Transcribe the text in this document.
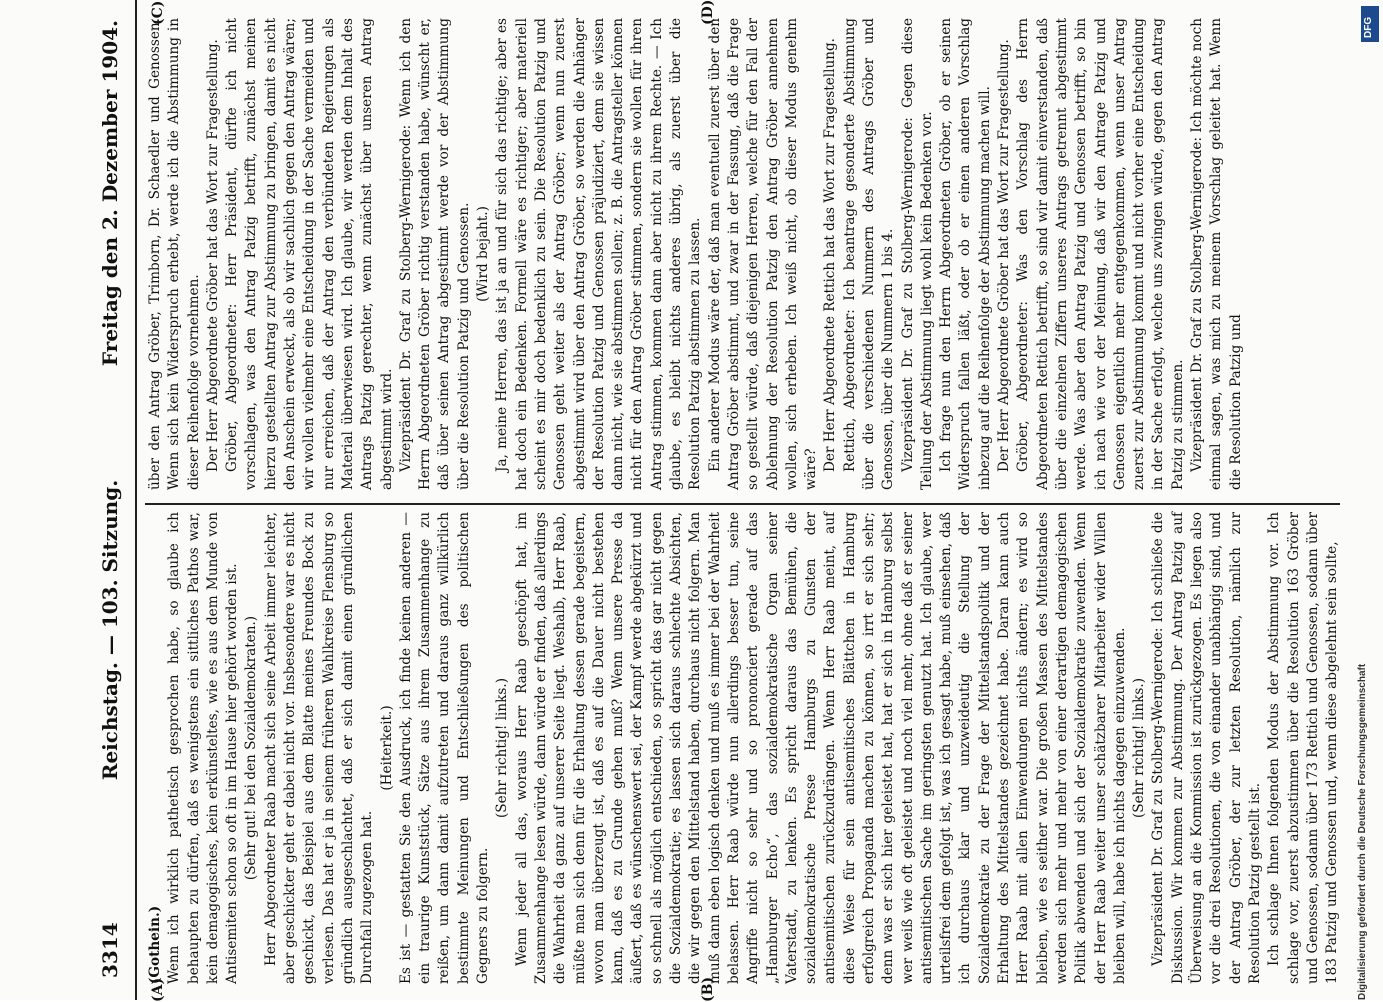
3314
Reichstag. — 103. Sitzung.
Freitag den 2. Dezember 1904.
(A)	(B)
(C)	(D)

(Gothein.) Wenn ich wirklich pathetisch gesprochen habe, so glaube ich behaupten zu dürfen, daß es wenigstens ein sittliches Pathos war, kein demagogisches, kein erkünsteltes, wie es aus dem Munde von Antisemiten schon so oft in im Hause hier gehört worden ist. (Sehr gut! bei den Sozialdemokraten.) Herr Abgeordneter Raab macht sich seine Arbeit immer leichter, aber geschickter geht er dabei nicht vor. Insbesondere war es nicht geschickt, das Beispiel aus dem Blatte meines Freundes Bock zu verlesen. Das hat er ja in seinem früheren Wahlkreise Flensburg so gründlich ausgeschlachtet, daß er sich damit einen gründlichen Durchfall zugezogen hat.

(Heiterkeit.) Es ist — gestatten Sie den Ausdruck, ich finde keinen anderen — ein traurige Kunststück, Sätze aus ihrem Zusammenhange zu reißen, um dann damit aufzutreten und daraus ganz willkürlich bestimmte Meinungen und Entschließungen des politischen Gegners zu folgern.

(Sehr richtig! links.) Wenn jeder all das, woraus Herr Raab geschöpft hat, im Zusammenhange lesen würde, dann würde er finden, daß allerdings die Wahrheit da ganz auf unserer Seite liegt. Weshalb, Herr Raab, müßte man sich denn für die Erhaltung dessen gerade begeistern, wovon man überzeugt ist, daß es auf die Dauer nicht bestehen kann, daß es zu Grunde gehen muß? Wenn unsere Presse da äußert, daß es wünschenswert sei, der Kampf werde abgekürzt und so schnell als möglich entschieden, so spricht das gar nicht gegen die Sozialdemokratie; es lassen sich daraus schlechte Absichten, die wir gegen den Mittelstand haben, durchaus nicht folgern. Man muß dann eben logisch denken und muß es immer bei der Wahrheit belassen. Herr Raab würde nun allerdings besser tun, seine Angriffe nicht so sehr und so prononciert gerade auf das „Hamburger Echo“, das sozialdemokratische Organ seiner Vaterstadt, zu lenken. Es spricht daraus das Bemühen, die sozialdemokratische Presse Hamburgs zu Gunsten der antisemitischen zurückzudrängen. Wenn Herr Raab meint, auf diese Weise für sein antisemitisches Blättchen in Hamburg erfolgreich Propaganda machen zu können, so irrt er sich sehr; denn was er sich hier geleistet hat, hat er sich in Hamburg selbst wer weiß wie oft geleistet und noch viel mehr, ohne daß er seiner antisemitischen Sache im geringsten genutzt hat. Ich glaube, wer urteilsfrei dem gefolgt ist, was ich gesagt habe, muß einsehen, daß ich durchaus klar und unzweideutig die Stellung der Sozialdemokratie zu der Frage der Mittelstandspolitik und der Erhaltung des Mittelstandes gezeichnet habe. Daran kann auch Herr Raab mit allen Einwendungen nichts ändern; es wird so bleiben, wie es seither war. Die großen Massen des Mittelstandes werden sich mehr und mehr von einer derartigen demagogischen Politik abwenden und sich der Sozialdemokratie zuwenden. Wenn der Herr Raab weiter unser schätzbarer Mitarbeiter wider Willen bleiben will, habe ich nichts dagegen einzuwenden. (Sehr richtig! links.) Vizepräsident Dr. Graf zu Stolberg-Wernigerode: Ich schließe die Diskussion. Wir kommen zur Abstimmung. Der Antrag Patzig auf Überweisung an die Kommission ist zurückgezogen. Es liegen also vor die drei Resolutionen, die von einander unabhängig sind, und der Antrag Gröber, der zur letzten Resolution, nämlich zur Resolution Patzig gestellt ist. Ich schlage Ihnen folgenden Modus der Abstimmung vor. Ich schlage vor, zuerst abzustimmen über die Resolution 163 Gröber und Genossen, sodann über 173 Rettich und Genossen, sodann über 183 Patzig und Genossen und, wenn diese abgelehnt sein sollte,

über den Antrag Gröber, Trimborn, Dr. Schaedler und Genossen. Wenn sich kein Widerspruch erhebt, werde ich die Abstimmung in dieser Reihenfolge vornehmen. Der Herr Abgeordnete Gröber hat das Wort zur Fragestellung. Gröber, Abgeordneter: Herr Präsident, dürfte ich nicht vorschlagen, was den Antrag Patzig betrifft, zunächst meinen hierzu gestellten Antrag zur Abstimmung zu bringen, damit es nicht den Anschein erweckt, als ob wir sachlich gegen den Antrag wären; wir wollen vielmehr eine Entscheidung in der Sache vermeiden und nur erreichen, daß der Antrag den verbündeten Regierungen als Material überwiesen wird. Ich glaube, wir werden dem Inhalt des Antrags Patzig gerechter, wenn zunächst über unseren Antrag abgestimmt wird. Vizepräsident Dr. Graf zu Stolberg-Wernigerode: Wenn ich den Herrn Abgeordneten Gröber richtig verstanden habe, wünscht er, daß über seinen Antrag abgestimmt werde vor der Abstimmung über die Resolution Patzig und Genossen. (Wird bejaht.) Ja, meine Herren, das ist ja an und für sich das richtige; aber es hat doch ein Bedenken. Formell wäre es richtiger; aber materiell scheint es mir doch bedenklich zu sein. Die Resolution Patzig und Genossen geht weiter als der Antrag Gröber; wenn nun zuerst abgestimmt wird über den Antrag Gröber, so werden die Anhänger der Resolution Patzig und Genossen präjudiziert, denn sie wissen dann nicht, wie sie abstimmen sollen; z. B. die Antragsteller können nicht für den Antrag Gröber stimmen, sondern sie wollen für ihren Antrag stimmen, kommen dann aber nicht zu ihrem Rechte. — Ich glaube, es bleibt nichts anderes übrig, als zuerst über die Resolution Patzig abstimmen zu lassen. Ein anderer Modus wäre der, daß man eventuell zuerst über den Antrag Gröber abstimmt, und zwar in der Fassung, daß die Frage so gestellt würde, daß diejenigen Herren, welche für den Fall der Ablehnung der Resolution Patzig den Antrag Gröber annehmen wollen, sich erheben. Ich weiß nicht, ob dieser Modus genehm wäre? Der Herr Abgeordnete Rettich hat das Wort zur Fragestellung. Rettich, Abgeordneter: Ich beantrage gesonderte Abstimmung über die verschiedenen Nummern des Antrags Gröber und Genossen, über die Nummern 1 bis 4. Vizepräsident Dr. Graf zu Stolberg-Wernigerode: Gegen diese Teilung der Abstimmung liegt wohl kein Bedenken vor. Ich frage nun den Herrn Abgeordneten Gröber, ob er seinen Widerspruch fallen läßt, oder ob er einen anderen Vorschlag inbezug auf die Reihenfolge der Abstimmung machen will. Der Herr Abgeordnete Gröber hat das Wort zur Fragestellung. Gröber, Abgeordneter: Was den Vorschlag des Herrn Abgeordneten Rettich betrifft, so sind wir damit einverstanden, daß über die einzelnen Ziffern unseres Antrags getrennt abgestimmt werde. Was aber den Antrag Patzig und Genossen betrifft, so bin ich nach wie vor der Meinung, daß wir den Antrage Patzig und Genossen eigentlich mehr entgegenkommen, wenn unser Antrag zuerst zur Abstimmung kommt und nicht vorher eine Entscheidung in der Sache erfolgt, welche uns zwingen würde, gegen den Antrag Patzig zu stimmen. Vizepräsident Dr. Graf zu Stolberg-Wernigerode: Ich möchte noch einmal sagen, was mich zu meinem Vorschlag geleitet hat. Wenn die Resolution Patzig und

Digitalisierung gefördert durch die Deutsche Forschungsgemeinschaft
DFG
